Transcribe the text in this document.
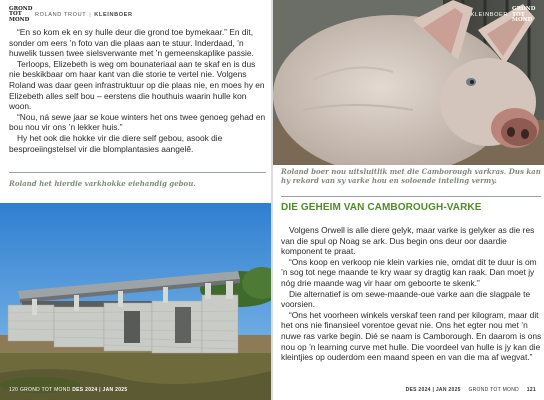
GROND TOT MOND
ROLAND TROUT | KLEINBOER

“En so kom ek en sy hulle deur die grond toe bymekaar.” En dit, sonder om eers ’n foto van die plaas aan te stuur. Inderdaad, ’n huwelik tussen twee sielsverwante met ’n gemeenskaplike passie.

Terloops, Elizebeth is weg om bounateriaal aan te skaf en is dus nie beskikbaar om haar kant van die storie te vertel nie. Volgens Roland was daar geen infrastruktuur op die plaas nie, en moes hy en Elizebeth alles self bou – eerstens die houthuis waarin hulle kon woon.

“Nou, ná sewe jaar se koue winters het ons twee genoeg gehad en bou nou vir ons ’n lekker huis.”

Hy het ook die hokke vir die diere self gebou, asook die besproeiingstelsel vir die blomplantasies aangelê.

Roland het hierdie varkhokke eiehandig gebou.
120 GROND TOT MOND DES 2024 | JAN 2025
KLEINBOER
GROND TOT MOND
Roland boer nou uitsluitlik met die Camborough varkras. Dus kan hy rekord van sy varke hou en soloende inteling vermy.
DIE GEHEIM VAN CAMBOROUGH-VARKE

Volgens Orwell is alle diere gelyk, maar varke is gelyker as die res van die spul op Noag se ark. Dus begin ons deur oor daardie komponent te praat.

“Ons koop en verkoop nie klein varkies nie, omdat dit te duur is om ’n sog tot nege maande te kry waar sy dragtig kan raak. Dan moet jy nóg drie maande wag vir haar om geboorte te skenk.”

Die alternatief is om sewe-maande-oue varke aan die slagpale te voorsien.

“Ons het voorheen winkels verskaf teen rand per kilogram, maar dit het ons nie finansieel vorentoe gevat nie. Ons het egter nou met ’n nuwe ras varke begin. Dié se naam is Camborough. En daarom is ons nou op ’n learning curve met hulle. Die voordeel van hulle is jy kan die kleintjies op ouderdom een maand speen en van die ma af wegvat.”

DES 2024 | JAN 2025 GROND TOT MOND 121
